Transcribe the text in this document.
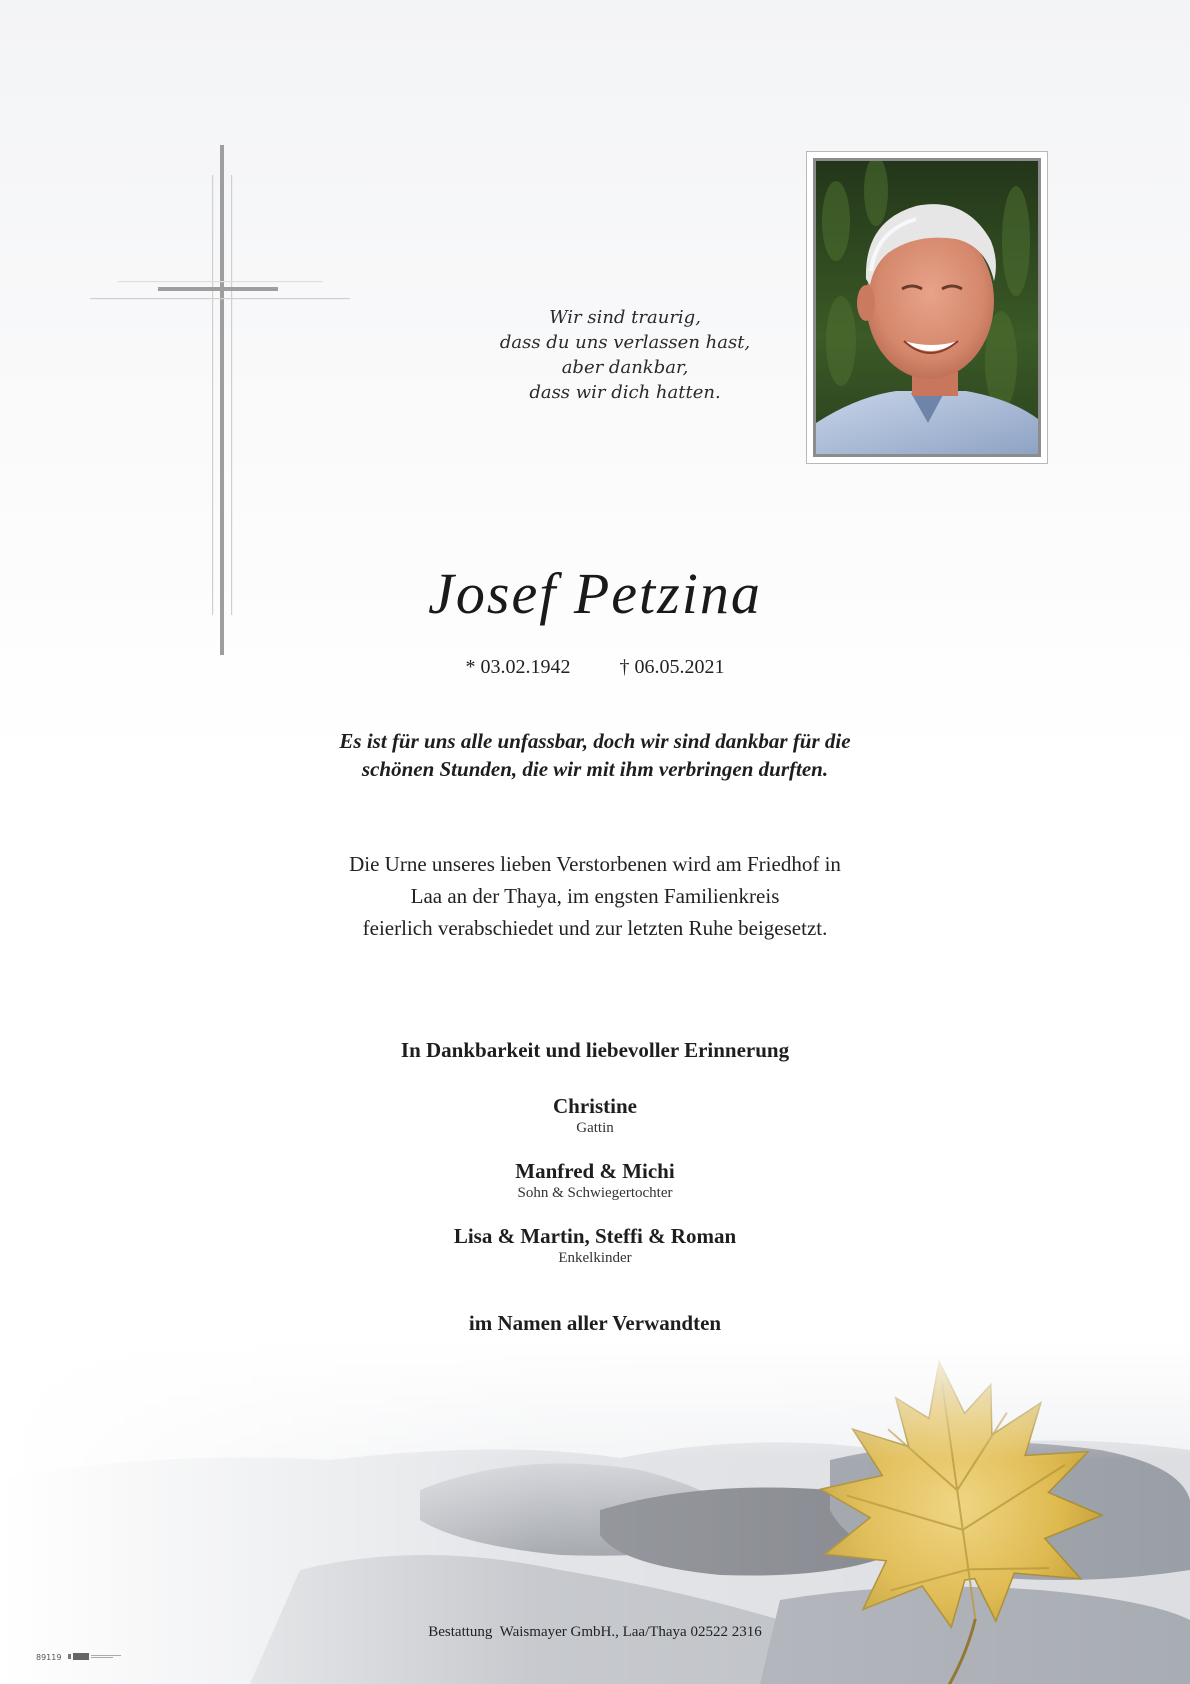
Wir sind traurig,
dass du uns verlassen hast,
aber dankbar,
dass wir dich hatten.
Josef Petzina
* 03.02.1942 † 06.05.2021
Es ist für uns alle unfassbar, doch wir sind dankbar für die
schönen Stunden, die wir mit ihm verbringen durften.
Die Urne unseres lieben Verstorbenen wird am Friedhof in
Laa an der Thaya, im engsten Familienkreis
feierlich verabschiedet und zur letzten Ruhe beigesetzt.
In Dankbarkeit und liebevoller Erinnerung
Christine
Gattin
Manfred & Michi
Sohn & Schwiegertochter
Lisa & Martin, Steffi & Roman
Enkelkinder
im Namen aller Verwandten
Bestattung  Waismayer GmbH., Laa/Thaya 02522 2316
89119
